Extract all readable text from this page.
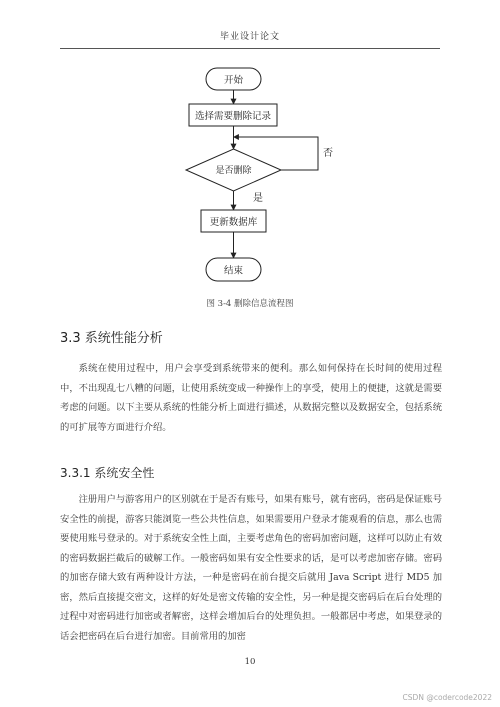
毕业设计论文
开始
选择需要删除记录
是否删除
否
是
更新数据库
结束
图 3-4 删除信息流程图
3.3 系统性能分析
系统在使用过程中，用户会享受到系统带来的便利。那么如何保持在长时间的使用过程中，不出现乱七八糟的问题，让使用系统变成一种操作上的享受，使用上的便捷，这就是需要考虑的问题。以下主要从系统的性能分析上面进行描述，从数据完整以及数据安全，包括系统的可扩展等方面进行介绍。
3.3.1 系统安全性
注册用户与游客用户的区别就在于是否有账号，如果有账号，就有密码，密码是保证账号安全性的前提，游客只能浏览一些公共性信息，如果需要用户登录才能观看的信息，那么也需要使用账号登录的。对于系统安全性上面，主要考虑角色的密码加密问题，这样可以防止有效的密码数据拦截后的破解工作。一般密码如果有安全性要求的话，是可以考虑加密存储。密码的加密存储大致有两种设计方法，一种是密码在前台提交后就用 Java Script 进行 MD5 加密，然后直接提交密文，这样的好处是密文传输的安全性，另一种是提交密码后在后台处理的过程中对密码进行加密或者解密，这样会增加后台的处理负担。一般都居中考虑，如果登录的话会把密码在后台进行加密。目前常用的加密
10
CSDN @codercode2022
